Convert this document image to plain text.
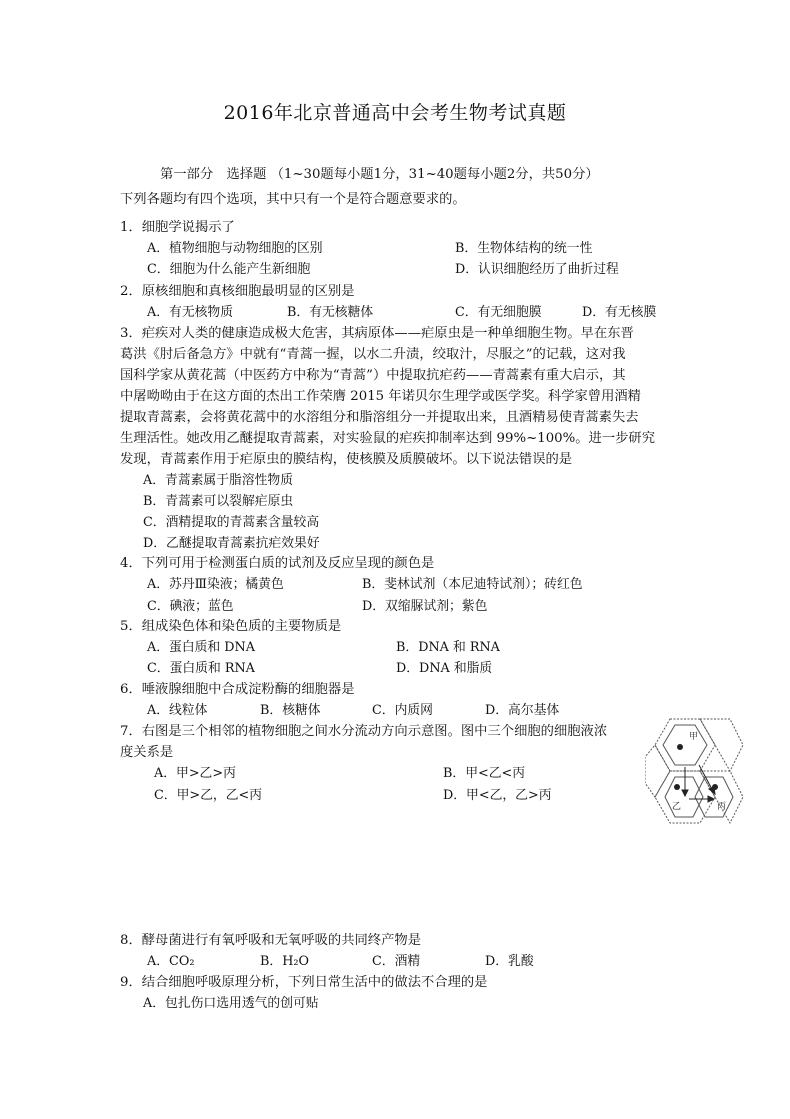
2016年北京普通高中会考生物考试真题
第一部分　选择题 （1~30题每小题1分，31~40题每小题2分，共50分）
下列各题均有四个选项，其中只有一个是符合题意要求的。
1．细胞学说揭示了
A．植物细胞与动物细胞的区别	B．生物体结构的统一性
C．细胞为什么能产生新细胞	D．认识细胞经历了曲折过程
2．原核细胞和真核细胞最明显的区别是
A．有无核物质	B．有无核糖体	C．有无细胞膜	D．有无核膜
3．疟疾对人类的健康造成极大危害，其病原体——疟原虫是一种单细胞生物。早在东晋
葛洪《肘后备急方》中就有“青蒿一握，以水二升渍，绞取汁，尽服之”的记载，这对我
国科学家从黄花蒿（中医药方中称为“青蒿”）中提取抗疟药——青蒿素有重大启示，其
中屠呦呦由于在这方面的杰出工作荣膺 2015 年诺贝尔生理学或医学奖。科学家曾用酒精
提取青蒿素，会将黄花蒿中的水溶组分和脂溶组分一并提取出来，且酒精易使青蒿素失去
生理活性。她改用乙醚提取青蒿素，对实验鼠的疟疾抑制率达到 99%~100%。进一步研究
发现，青蒿素作用于疟原虫的膜结构，使核膜及质膜破坏。以下说法错误的是
A．青蒿素属于脂溶性物质
B．青蒿素可以裂解疟原虫
C．酒精提取的青蒿素含量较高
D．乙醚提取青蒿素抗疟效果好
4．下列可用于检测蛋白质的试剂及反应呈现的颜色是
A．苏丹Ⅲ染液；橘黄色	B．斐林试剂（本尼迪特试剂）；砖红色
C．碘液；蓝色	D．双缩脲试剂；紫色
5．组成染色体和染色质的主要物质是
A．蛋白质和 DNA	B．DNA 和 RNA
C．蛋白质和 RNA	D．DNA 和脂质
6．唾液腺细胞中合成淀粉酶的细胞器是
A．线粒体	B．核糖体	C．内质网	D．高尔基体
7．右图是三个相邻的植物细胞之间水分流动方向示意图。图中三个细胞的细胞液浓
度关系是
A．甲>乙>丙	B．甲<乙<丙
C．甲>乙，乙<丙	D．甲<乙，乙>丙
甲
乙	丙
8．酵母菌进行有氧呼吸和无氧呼吸的共同终产物是
A．CO₂	B．H₂O	C．酒精	D．乳酸
9．结合细胞呼吸原理分析，下列日常生活中的做法不合理的是
A．包扎伤口选用透气的创可贴
